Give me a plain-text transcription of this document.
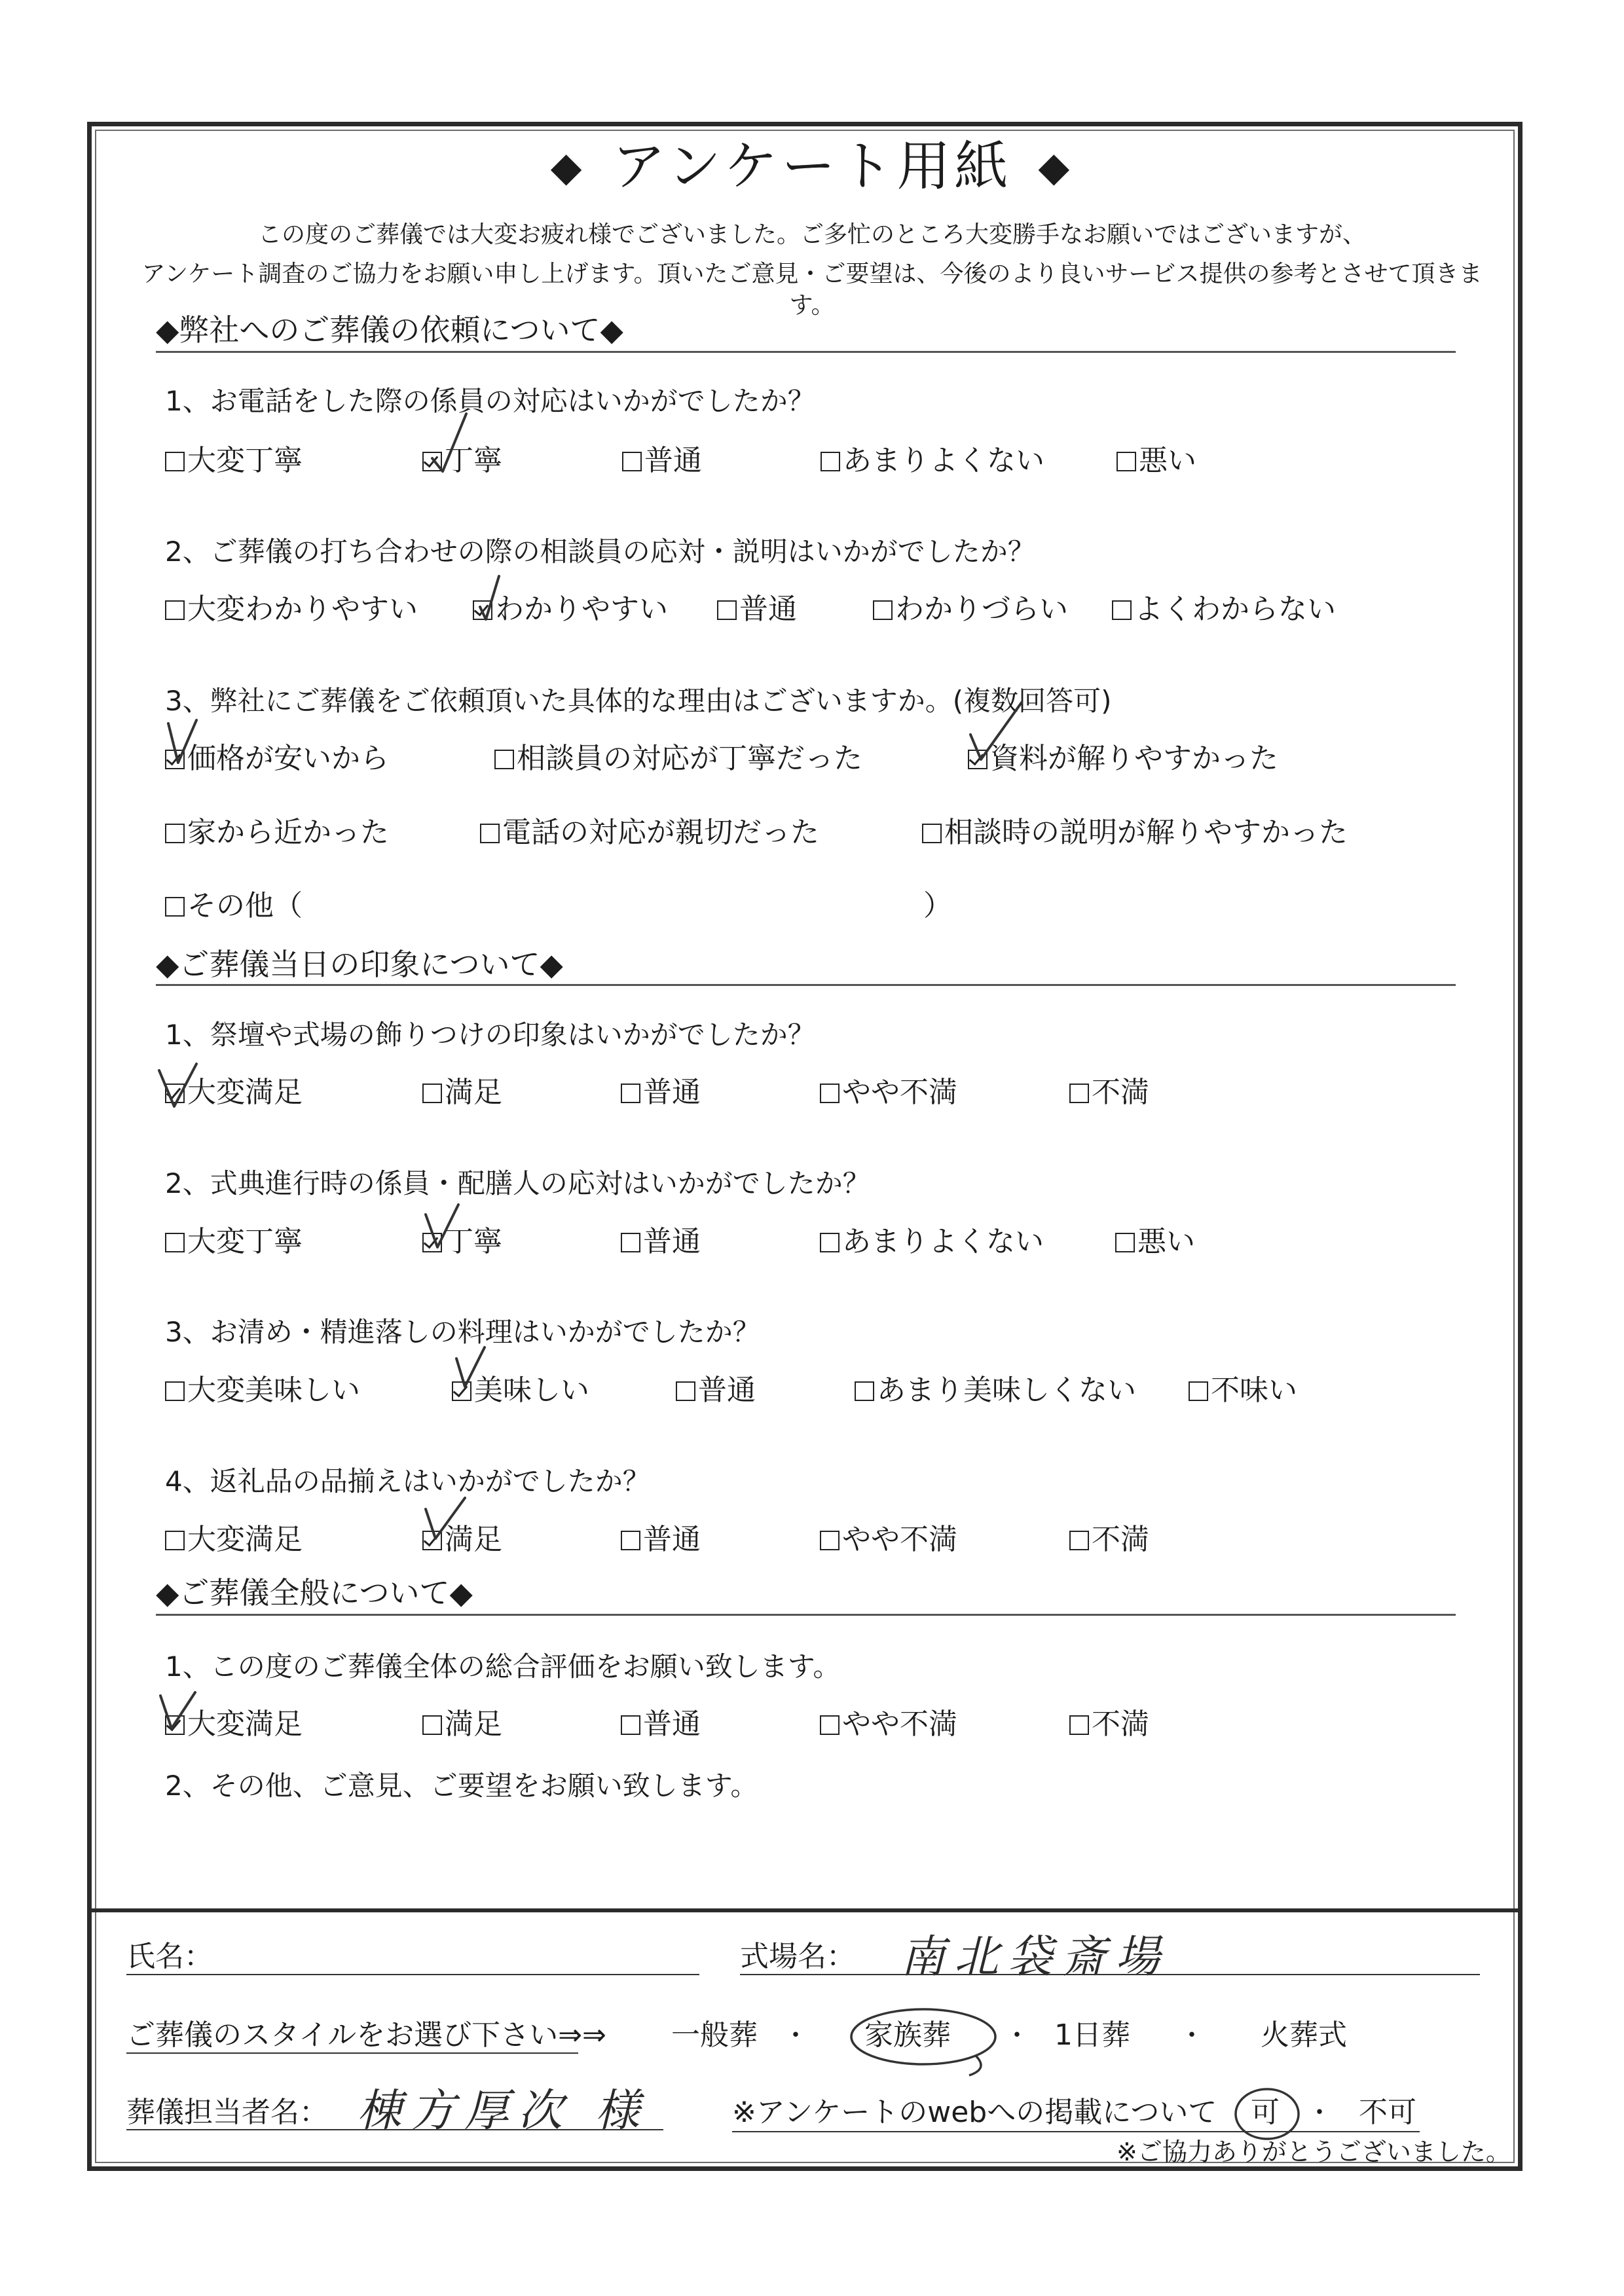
◆ アンケート用紙 ◆
この度のご葬儀では大変お疲れ様でございました。ご多忙のところ大変勝手なお願いではございますが、
アンケート調査のご協力をお願い申し上げます。頂いたご意見・ご要望は、今後のより良いサービス提供の参考とさせて頂きます。
◆弊社へのご葬儀の依頼について◆
1、お電話をした際の係員の対応はいかがでしたか？
大変丁寧	丁寧	普通	あまりよくない	悪い
2、ご葬儀の打ち合わせの際の相談員の応対・説明はいかがでしたか？
大変わかりやすい	わかりやすい	普通	わかりづらい	よくわからない
3、弊社にご葬儀をご依頼頂いた具体的な理由はございますか。(複数回答可)
価格が安いから	相談員の対応が丁寧だった	資料が解りやすかった
家から近かった	電話の対応が親切だった	相談時の説明が解りやすかった
その他（	）
◆ご葬儀当日の印象について◆
1、祭壇や式場の飾りつけの印象はいかがでしたか？
大変満足	満足	普通	やや不満	不満
2、式典進行時の係員・配膳人の応対はいかがでしたか？
大変丁寧	丁寧	普通	あまりよくない	悪い
3、お清め・精進落しの料理はいかがでしたか？
大変美味しい	美味しい	普通	あまり美味しくない	不味い
4、返礼品の品揃えはいかがでしたか？
大変満足	満足	普通	やや不満	不満
◆ご葬儀全般について◆
1、この度のご葬儀全体の総合評価をお願い致します。
大変満足	満足	普通	やや不満	不満
2、その他、ご意見、ご要望をお願い致します。
氏名：	式場名： 南北袋斎場
ご葬儀のスタイルをお選び下さい⇒⇒ 一般葬 ・ 家族葬 ・ 1日葬 ・ 火葬式
葬儀担当者名： 棟方厚次 様	※アンケートのwebへの掲載について 可 ・ 不可
※ご協力ありがとうございました。
